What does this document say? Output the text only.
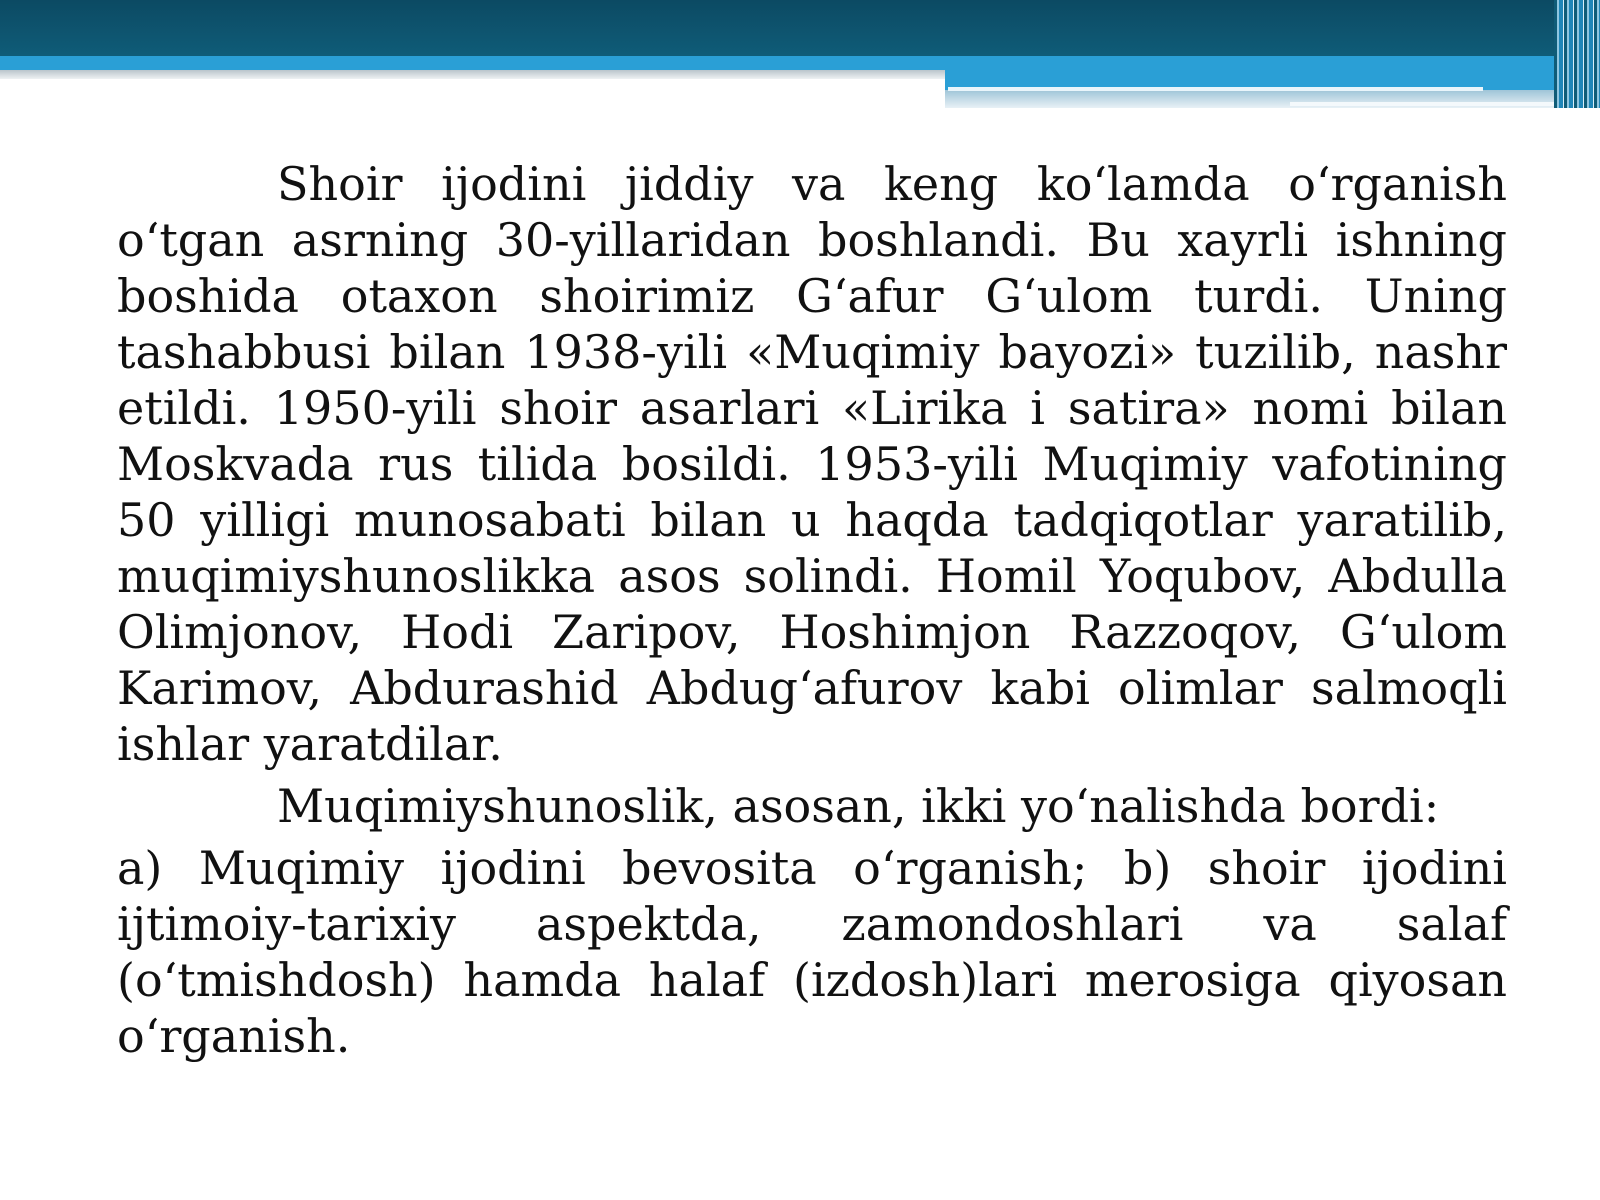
Shoir ijodini jiddiy va keng koʻlamda oʻrganish oʻtgan asrning 30-yillaridan boshlandi. Bu xayrli ishning boshida otaxon shoirimiz Gʻafur Gʻulom turdi. Uning tashabbusi bilan 1938-yili «Muqimiy bayozi» tuzilib, nashr etildi. 1950-yili shoir asarlari «Lirika i satira» nomi bilan Moskvada rus tilida bosildi. 1953-yili Muqimiy vafotining 50 yilligi munosabati bilan u haqda tadqiqotlar yaratilib, muqimiyshunoslikka asos solindi. Homil Yoqubov, Abdulla Olimjonov, Hodi Zaripov, Hoshimjon Razzoqov, Gʻulom Karimov, Abdurashid Abdugʻafurov kabi olimlar salmoqli ishlar yaratdilar.

Muqimiyshunoslik, asosan, ikki yoʻnalishda bordi:

a) Muqimiy ijodini bevosita oʻrganish; b) shoir ijodini ijtimoiy-tarixiy aspektda, zamondoshlari va salaf (oʻtmishdosh) hamda halaf (izdosh)lari merosiga qiyosan oʻrganish.
